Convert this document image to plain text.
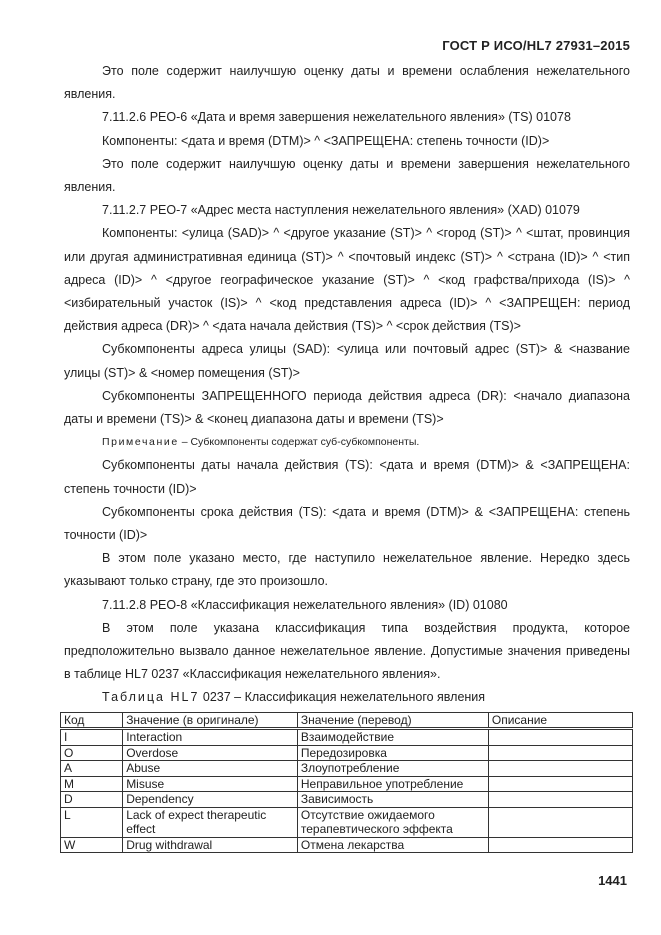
ГОСТ Р ИСО/HL7 27931–2015

Это поле содержит наилучшую оценку даты и времени ослабления нежелательного явления.

7.11.2.6 PEO-6 «Дата и время завершения нежелательного явления» (TS) 01078

Компоненты: <дата и время (DTM)> ^ <ЗАПРЕЩЕНА: степень точности (ID)>

Это поле содержит наилучшую оценку даты и времени завершения нежелательного явления.

7.11.2.7 PEO-7 «Адрес места наступления нежелательного явления» (XAD) 01079

Компоненты: <улица (SAD)> ^ <другое указание (ST)> ^ <город (ST)> ^ <штат, провинция или другая административная единица (ST)> ^ <почтовый индекс (ST)> ^ <страна (ID)> ^ <тип адреса (ID)> ^ <другое географическое указание (ST)> ^ <код графства/прихода (IS)> ^ <избирательный участок (IS)> ^ <код представления адреса (ID)> ^ <ЗАПРЕЩЕН: период действия адреса (DR)> ^ <дата начала действия (TS)> ^ <срок действия (TS)>

Субкомпоненты адреса улицы (SAD): <улица или почтовый адрес (ST)> & <название улицы (ST)> & <номер помещения (ST)>

Субкомпоненты ЗАПРЕЩЕННОГО периода действия адреса (DR): <начало диапазона даты и времени (TS)> & <конец диапазона даты и времени (TS)>

Примечание – Субкомпоненты содержат суб-субкомпоненты.

Субкомпоненты даты начала действия (TS): <дата и время (DTM)> & <ЗАПРЕЩЕНА: степень точности (ID)>

Субкомпоненты срока действия (TS): <дата и время (DTM)> & <ЗАПРЕЩЕНА: степень точности (ID)>

В этом поле указано место, где наступило нежелательное явление. Нередко здесь указывают только страну, где это произошло.

7.11.2.8 PEO-8 «Классификация нежелательного явления» (ID) 01080

В этом поле указана классификация типа воздействия продукта, которое предположительно вызвало данное нежелательное явление. Допустимые значения приведены в таблице HL7 0237 «Классификация нежелательного явления».

Таблица HL7 0237 – Классификация нежелательного явления

Код	Значение (в оригинале)	Значение (перевод)	Описание
I	Interaction	Взаимодействие	
O	Overdose	Передозировка	
A	Abuse	Злоупотребление	
M	Misuse	Неправильное употребление	
D	Dependency	Зависимость	
L	Lack of expect therapeutic effect	Отсутствие ожидаемого терапевтического эффекта	
W	Drug withdrawal	Отмена лекарства	
1441
